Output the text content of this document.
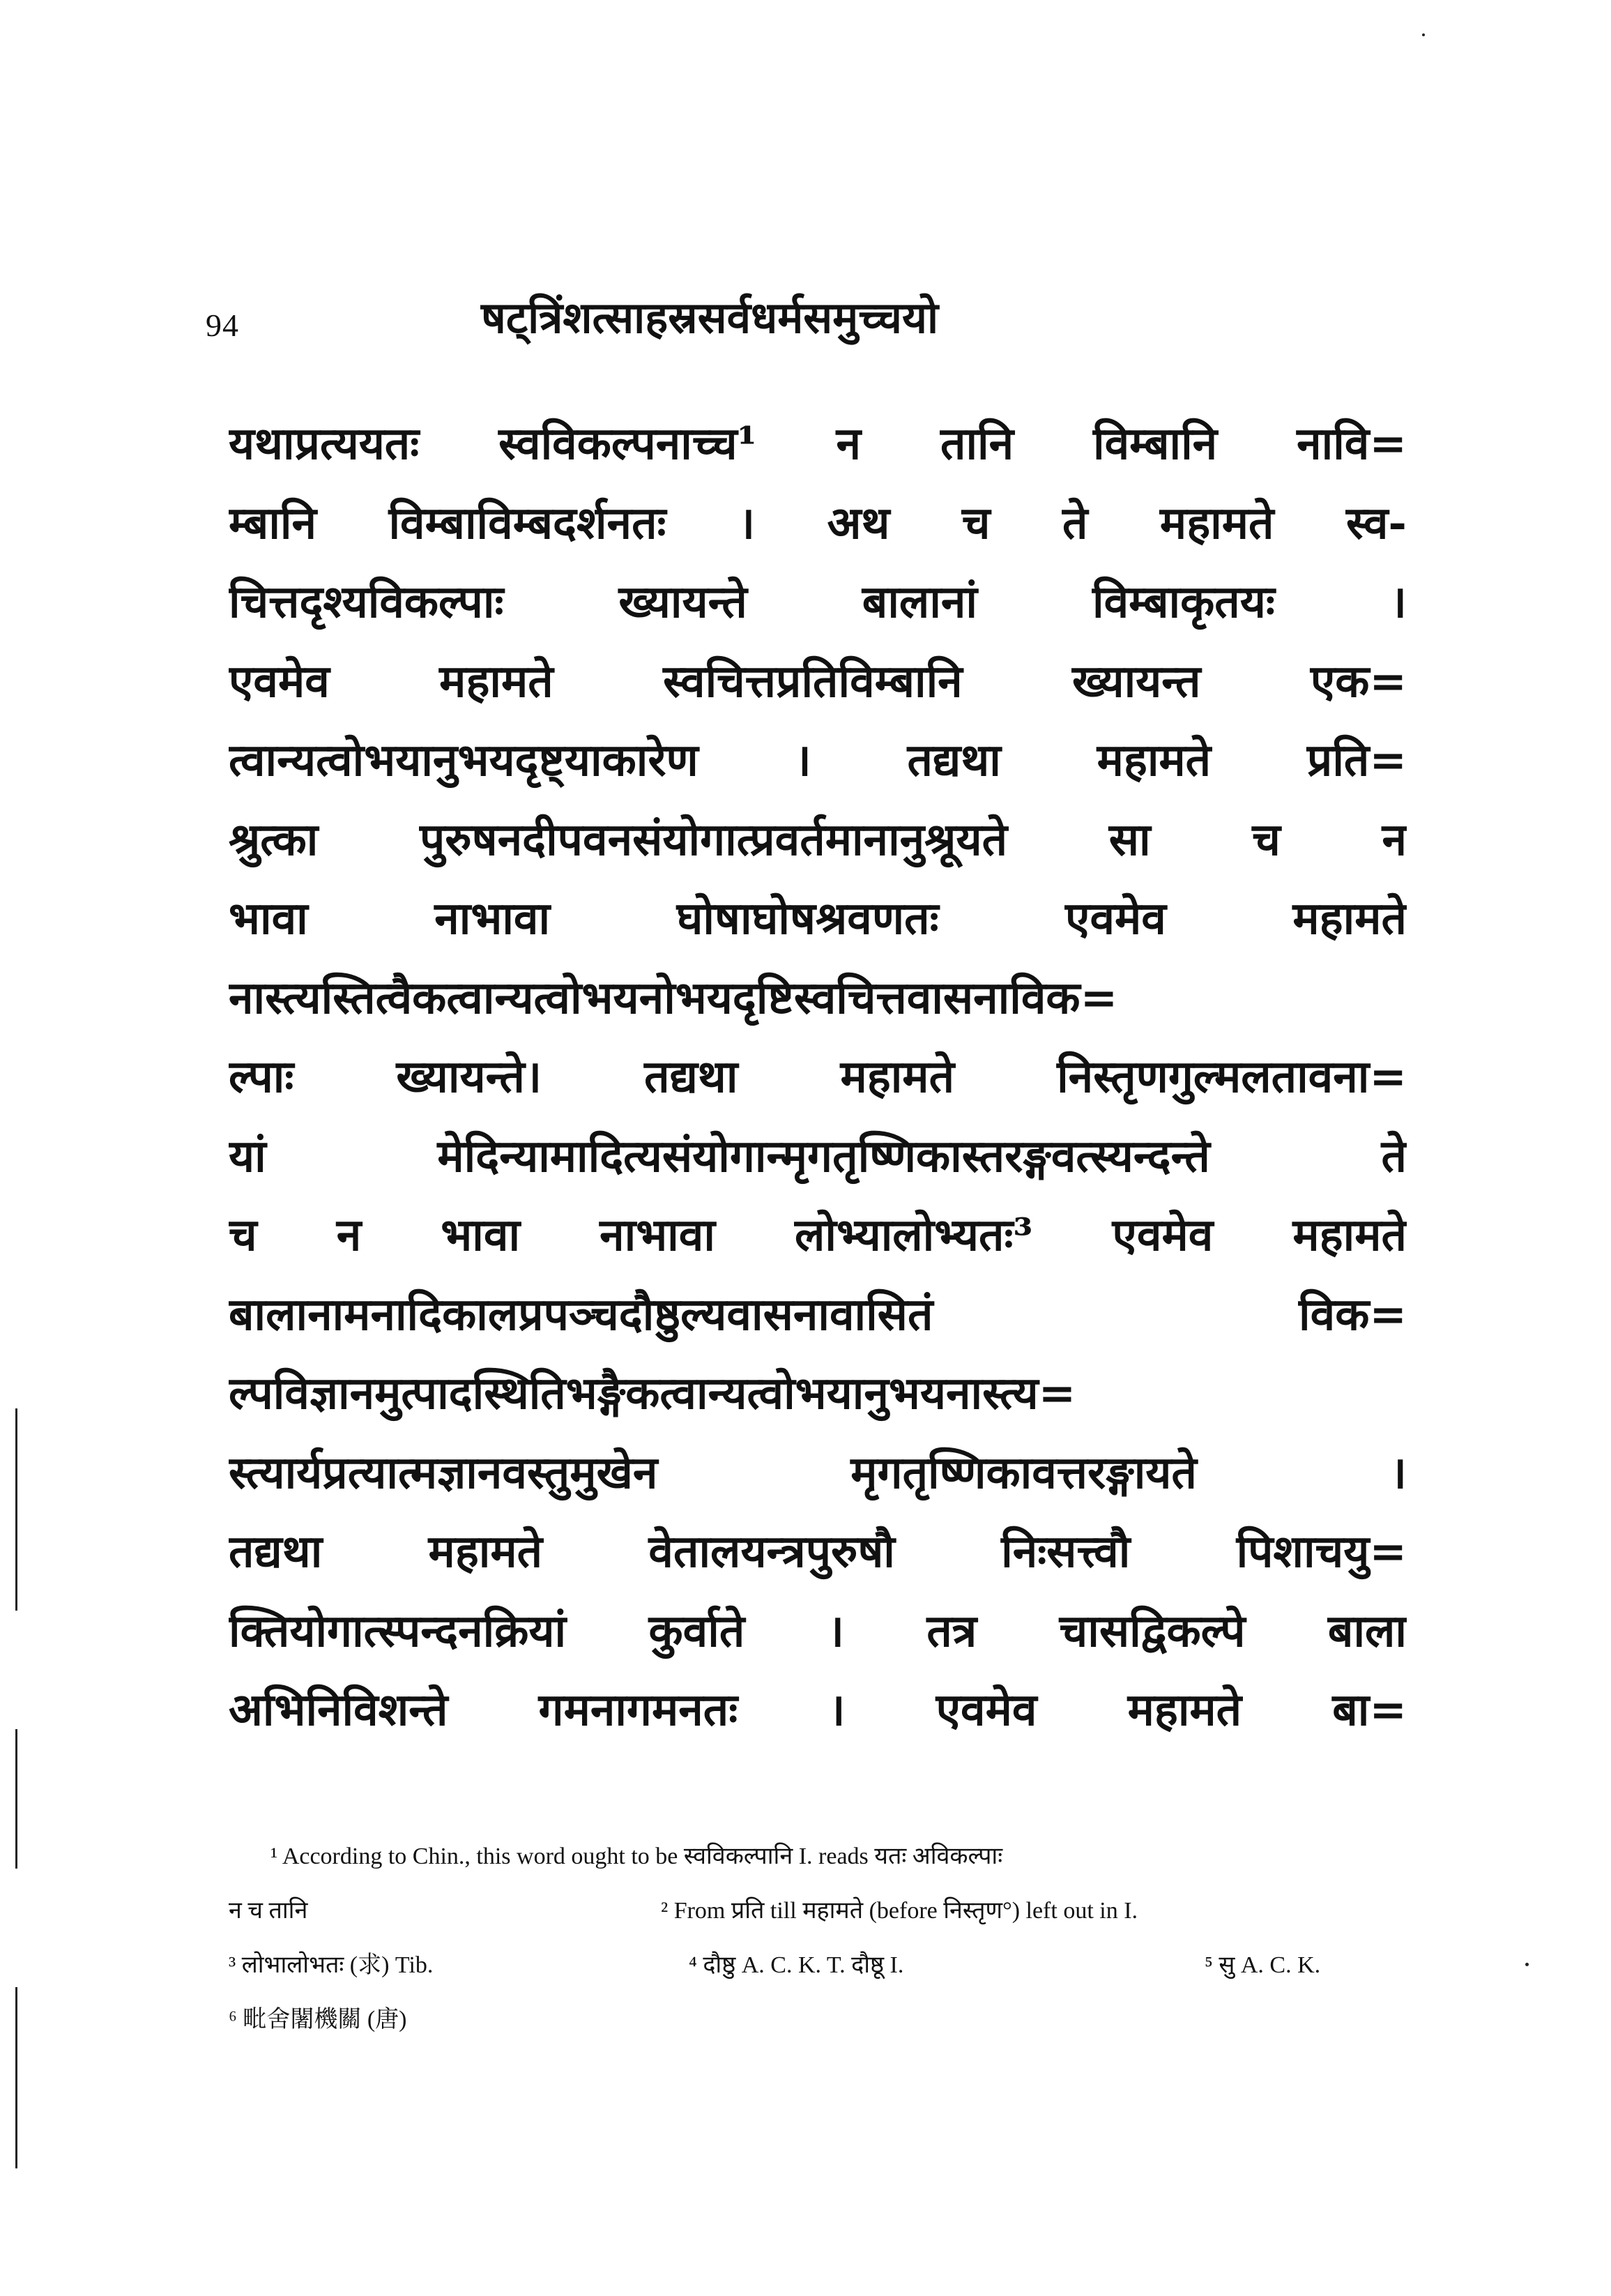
94	षट्त्रिंशत्साहस्रसर्वधर्मसमुच्चयो
यथाप्रत्ययतः स्वविकल्पनाच्च¹ न तानि विम्बानि नावि=
म्बानि विम्बाविम्बदर्शनतः । अथ च ते महामते स्व-
चित्तदृश्यविकल्पाः ख्यायन्ते बालानां विम्बाकृतयः ।
एवमेव महामते स्वचित्तप्रतिविम्बानि ख्यायन्त एक=
त्वान्यत्वोभयानुभयदृष्ट्याकारेण । तद्यथा महामते प्रति=
श्रुत्का पुरुषनदीपवनसंयोगात्प्रवर्तमानानुश्रूयते सा च न
भावा नाभावा घोषाघोषश्रवणतः एवमेव महामते
नास्त्यस्तित्वैकत्वान्यत्वोभयनोभयदृष्टिस्वचित्तवासनाविक=
ल्पाः ख्यायन्ते। तद्यथा महामते निस्तृणगुल्मलतावना=
यां मेदिन्यामादित्यसंयोगान्मृगतृष्णिकास्तरङ्गवत्स्यन्दन्ते ते
च न भावा नाभावा लोभ्यालोभ्यतः³ एवमेव महामते
बालानामनादिकालप्रपञ्चदौष्ठुल्यवासनावासितं विक=
ल्पविज्ञानमुत्पादस्थितिभङ्गैकत्वान्यत्वोभयानुभयनास्त्य=
स्त्यार्यप्रत्यात्मज्ञानवस्तुमुखेन मृगतृष्णिकावत्तरङ्गायते ।
तद्यथा महामते वेतालयन्त्रपुरुषौ निःसत्त्वौ पिशाचयु=
क्तियोगात्स्पन्दनक्रियां कुर्वाते । तत्र चासद्विकल्पे बाला
अभिनिविशन्ते गमनागमनतः । एवमेव महामते बा=
¹ According to Chin., this word ought to be स्वविकल्पानि I. reads यतः अविकल्पाः
न च तानि	² From प्रति till महामते (before निस्तृण°) left out in I.
³ लोभालोभतः (求) Tib.	⁴ दौष्ठु A. C. K. T. दौष्ठू I.	⁵ सु A. C. K.
⁶ 毗舍闍機關 (唐)
